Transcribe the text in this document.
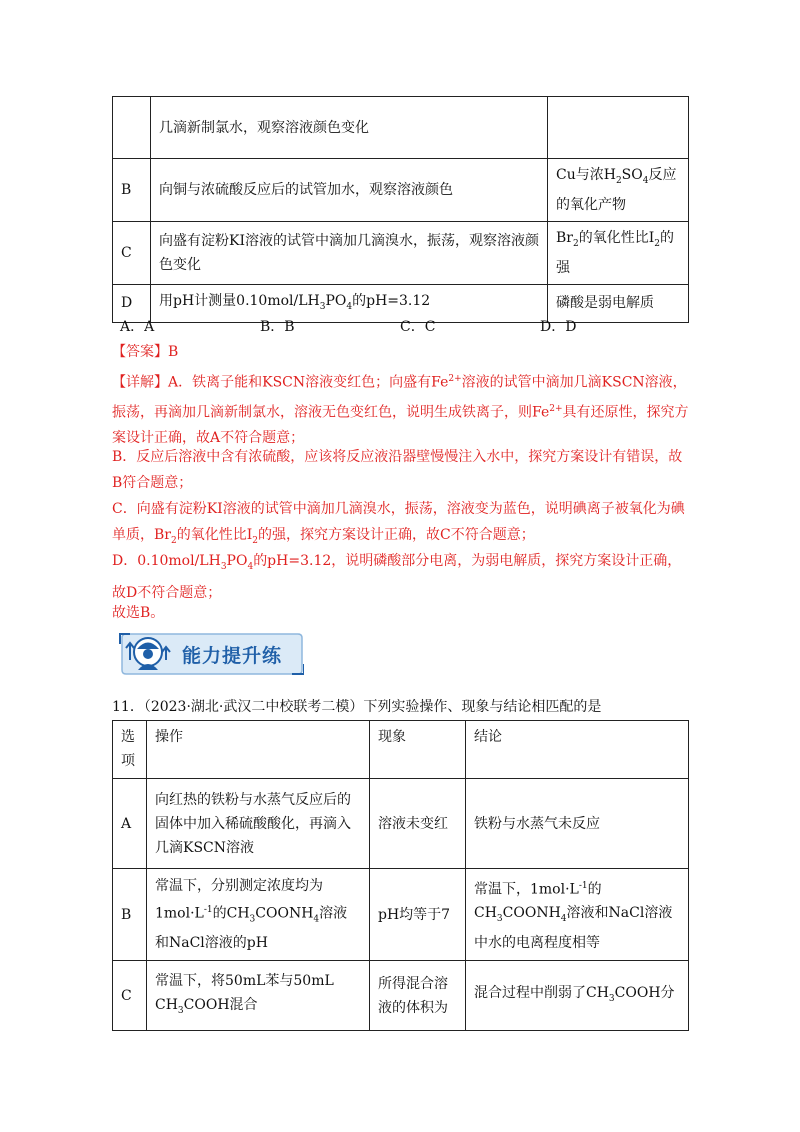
	几滴新制氯水，观察溶液颜色变化	
B	向铜与浓硫酸反应后的试管加水，观察溶液颜色	Cu与浓$H_2SO_4$反应的氧化产物
C	向盛有淀粉KI溶液的试管中滴加几滴溴水，振荡，观察溶液颜色变化	$Br_2$的氧化性比$I_2$的强
D	用pH计测量$0.10mol/LH_3PO_4$的pH=3.12	磷酸是弱电解质
A．A	B．B	C．C	D．D
【答案】B
【详解】A．铁离子能和KSCN溶液变红色；向盛有$Fe^{2+}$溶液的试管中滴加几滴KSCN溶液，振荡，再滴加几滴新制氯水，溶液无色变红色，说明生成铁离子，则$Fe^{2+}$具有还原性，探究方案设计正确，故A不符合题意；
B．反应后溶液中含有浓硫酸，应该将反应液沿器壁慢慢注入水中，探究方案设计有错误，故B符合题意；
C．向盛有淀粉KI溶液的试管中滴加几滴溴水，振荡，溶液变为蓝色，说明碘离子被氧化为碘单质，$Br_2$的氧化性比$I_2$的强，探究方案设计正确，故C不符合题意；
D．$0.10mol/LH_3PO_4$的pH=3.12，说明磷酸部分电离，为弱电解质，探究方案设计正确，故D不符合题意；
故选B。
能力提升练
11．（2023·湖北·武汉二中校联考二模）下列实验操作、现象与结论相匹配的是
选项	操作	现象	结论
A	向红热的铁粉与水蒸气反应后的固体中加入稀硫酸酸化，再滴入几滴KSCN溶液	溶液未变红	铁粉与水蒸气未反应
B	常温下，分别测定浓度均为$1mol\cdot L^{-1}$的$CH_3COONH_4$溶液和NaCl溶液的pH	pH均等于7	常温下，$1mol\cdot L^{-1}$的$CH_3COONH_4$溶液和NaCl溶液中水的电离程度相等
C	常温下，将50mL苯与50mL $CH_3COOH$混合	所得混合溶液的体积为	混合过程中削弱了$CH_3COOH$分
